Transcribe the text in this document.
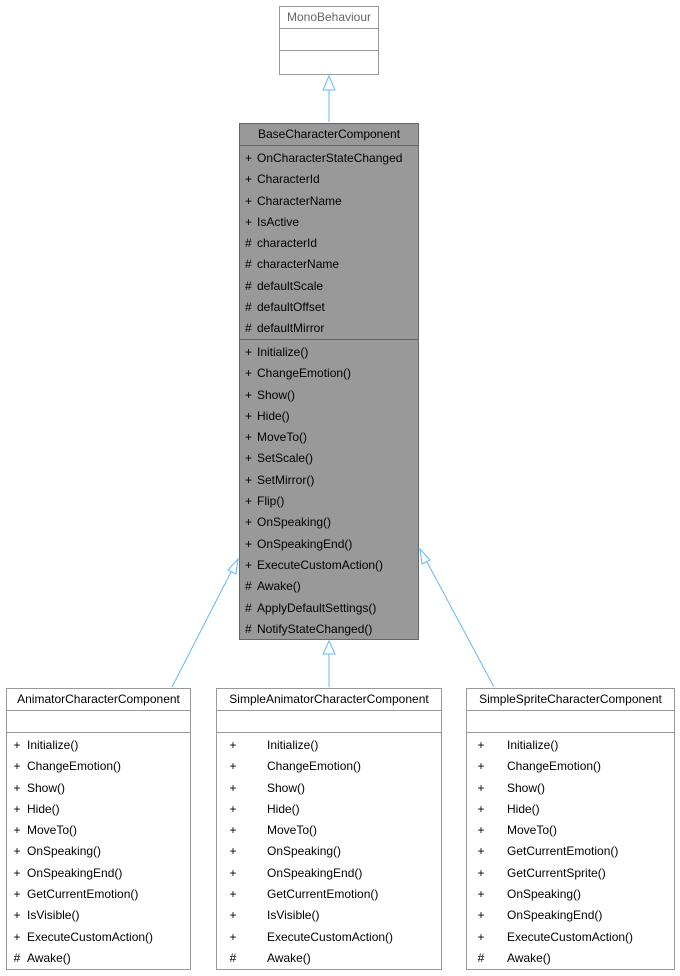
MonoBehaviour
BaseCharacterComponent
+ OnCharacterStateChanged
+ CharacterId
+ CharacterName
+ IsActive
# characterId
# characterName
# defaultScale
# defaultOffset
# defaultMirror
+ Initialize()
+ ChangeEmotion()
+ Show()
+ Hide()
+ MoveTo()
+ SetScale()
+ SetMirror()
+ Flip()
+ OnSpeaking()
+ OnSpeakingEnd()
+ ExecuteCustomAction()
# Awake()
# ApplyDefaultSettings()
# NotifyStateChanged()
AnimatorCharacterComponent
+ Initialize()
+ ChangeEmotion()
+ Show()
+ Hide()
+ MoveTo()
+ OnSpeaking()
+ OnSpeakingEnd()
+ GetCurrentEmotion()
+ IsVisible()
+ ExecuteCustomAction()
# Awake()
SimpleAnimatorCharacterComponent
+	Initialize()
+	ChangeEmotion()
+	Show()
+	Hide()
+	MoveTo()
+	OnSpeaking()
+	OnSpeakingEnd()
+	GetCurrentEmotion()
+	IsVisible()
+	ExecuteCustomAction()
#	Awake()
SimpleSpriteCharacterComponent
+	Initialize()
+	ChangeEmotion()
+	Show()
+	Hide()
+	MoveTo()
+	GetCurrentEmotion()
+	GetCurrentSprite()
+	OnSpeaking()
+	OnSpeakingEnd()
+	ExecuteCustomAction()
#	Awake()
